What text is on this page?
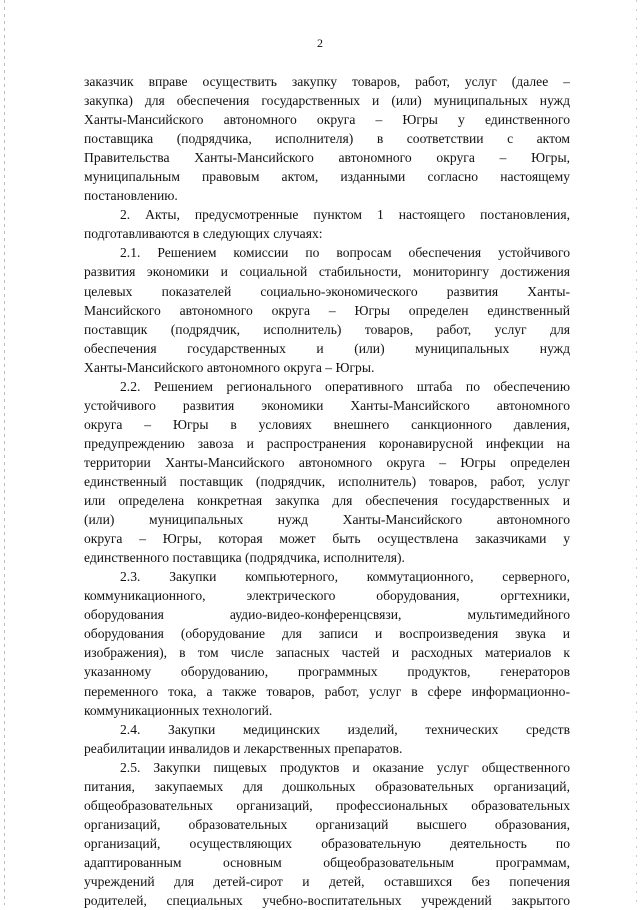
2
заказчик вправе осуществить закупку товаров, работ, услуг (далее –
закупка) для обеспечения государственных и (или) муниципальных нужд
Ханты-Мансийского автономного округа – Югры у единственного
поставщика (подрядчика, исполнителя) в соответствии с актом
Правительства Ханты-Мансийского автономного округа – Югры,
муниципальным правовым актом, изданными согласно настоящему
постановлению.
2. Акты, предусмотренные пунктом 1 настоящего постановления,
подготавливаются в следующих случаях:
2.1. Решением комиссии по вопросам обеспечения устойчивого
развития экономики и социальной стабильности, мониторингу достижения
целевых показателей социально-экономического развития Ханты-
Мансийского автономного округа – Югры определен единственный
поставщик (подрядчик, исполнитель) товаров, работ, услуг для
обеспечения государственных и (или) муниципальных нужд
Ханты-Мансийского автономного округа – Югры.
2.2. Решением регионального оперативного штаба по обеспечению
устойчивого развития экономики Ханты-Мансийского автономного
округа – Югры в условиях внешнего санкционного давления,
предупреждению завоза и распространения коронавирусной инфекции на
территории Ханты-Мансийского автономного округа – Югры определен
единственный поставщик (подрядчик, исполнитель) товаров, работ, услуг
или определена конкретная закупка для обеспечения государственных и
(или) муниципальных нужд Ханты-Мансийского автономного
округа – Югры, которая может быть осуществлена заказчиками у
единственного поставщика (подрядчика, исполнителя).
2.3. Закупки компьютерного, коммутационного, серверного,
коммуникационного, электрического оборудования, оргтехники,
оборудования аудио-видео-конференцсвязи, мультимедийного
оборудования (оборудование для записи и воспроизведения звука и
изображения), в том числе запасных частей и расходных материалов к
указанному оборудованию, программных продуктов, генераторов
переменного тока, а также товаров, работ, услуг в сфере информационно-
коммуникационных технологий.
2.4. Закупки медицинских изделий, технических средств
реабилитации инвалидов и лекарственных препаратов.
2.5. Закупки пищевых продуктов и оказание услуг общественного
питания, закупаемых для дошкольных образовательных организаций,
общеобразовательных организаций, профессиональных образовательных
организаций, образовательных организаций высшего образования,
организаций, осуществляющих образовательную деятельность по
адаптированным основным общеобразовательным программам,
учреждений для детей-сирот и детей, оставшихся без попечения
родителей, специальных учебно-воспитательных учреждений закрытого
